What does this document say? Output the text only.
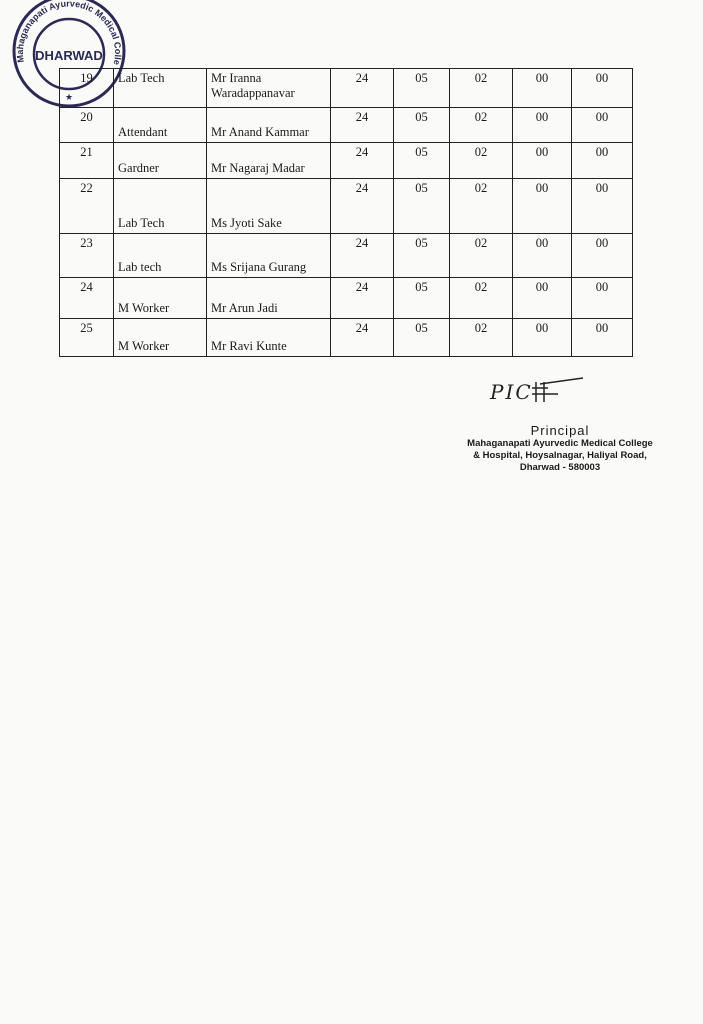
Mahaganapati Ayurvedic Medical Colle
DHARWAD
★
19	Lab Tech	Mr Iranna Waradappanavar	24	05	02	00	00
20	Attendant	Mr Anand Kammar	24	05	02	00	00
21	Gardner	Mr Nagaraj Madar	24	05	02	00	00
22	Lab Tech	Ms Jyoti Sake	24	05	02	00	00
23	Lab tech	Ms Srijana Gurang	24	05	02	00	00
24	M Worker	Mr Arun Jadi	24	05	02	00	00
25	M Worker	Mr Ravi Kunte	24	05	02	00	00
PIC
Principal
Mahaganapati Ayurvedic Medical College
& Hospital, Hoysalnagar, Haliyal Road,
Dharwad - 580003
